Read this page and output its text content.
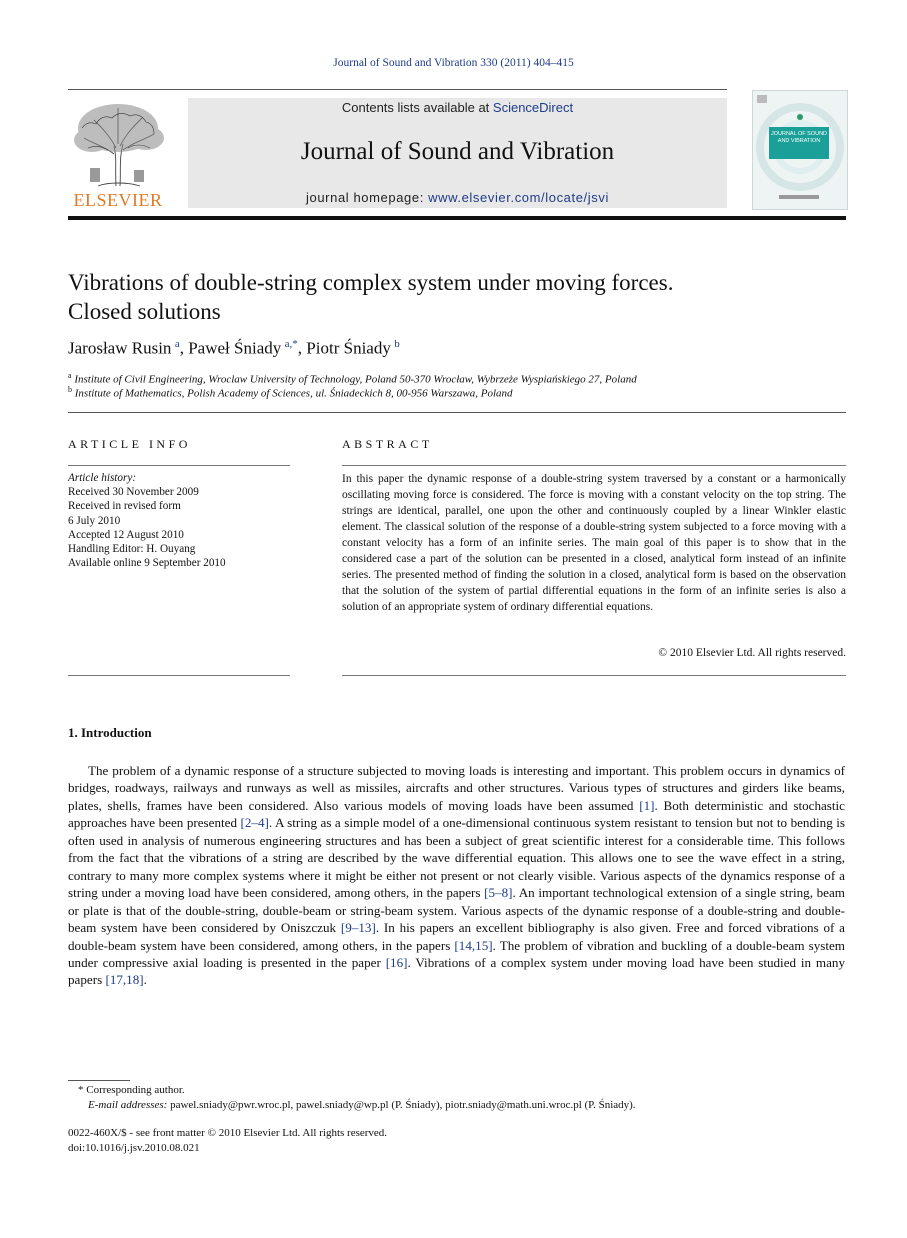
Journal of Sound and Vibration 330 (2011) 404–415
ELSEVIER
Contents lists available at ScienceDirect
Journal of Sound and Vibration
journal homepage: www.elsevier.com/locate/jsvi
JOURNAL OF SOUND AND VIBRATION
Vibrations of double-string complex system under moving forces.
Closed solutions
Jarosław Rusin  $^a$, Paweł Śniady  $^{a,*}$, Piotr Śniady  $^b$
$^a$ Institute of Civil Engineering, Wroclaw University of Technology, Poland 50-370 Wrocław, Wybrzeże Wyspiańskiego 27, Poland
$^b$ Institute of Mathematics, Polish Academy of Sciences, ul. Śniadeckich 8, 00-956 Warszawa, Poland
ARTICLE INFO
Article history:
Received 30 November 2009
Received in revised form
6 July 2010
Accepted 12 August 2010
Handling Editor: H. Ouyang
Available online 9 September 2010
ABSTRACT
In this paper the dynamic response of a double-string system traversed by a constant or a harmonically oscillating moving force is considered. The force is moving with a constant velocity on the top string. The strings are identical, parallel, one upon the other and continuously coupled by a linear Winkler elastic element. The classical solution of the response of a double-string system subjected to a force moving with a constant velocity has a form of an infinite series. The main goal of this paper is to show that in the considered case a part of the solution can be presented in a closed, analytical form instead of an infinite series. The presented method of finding the solution in a closed, analytical form is based on the observation that the solution of the system of partial differential equations in the form of an infinite series is also a solution of an appropriate system of ordinary differential equations.
© 2010 Elsevier Ltd. All rights reserved.
1. Introduction
The problem of a dynamic response of a structure subjected to moving loads is interesting and important. This problem occurs in dynamics of bridges, roadways, railways and runways as well as missiles, aircrafts and other structures. Various types of structures and girders like beams, plates, shells, frames have been considered. Also various models of moving loads have been assumed [1]. Both deterministic and stochastic approaches have been presented [2–4]. A string as a simple model of a one-dimensional continuous system resistant to tension but not to bending is often used in analysis of numerous engineering structures and has been a subject of great scientific interest for a considerable time. This follows from the fact that the vibrations of a string are described by the wave differential equation. This allows one to see the wave effect in a string, contrary to many more complex systems where it might be either not present or not clearly visible. Various aspects of the dynamics response of a string under a moving load have been considered, among others, in the papers [5–8]. An important technological extension of a single string, beam or plate is that of the double-string, double-beam or string-beam system. Various aspects of the dynamic response of a double-string and double-beam system have been considered by Oniszczuk [9–13]. In his papers an excellent bibliography is also given. Free and forced vibrations of a double-beam system have been considered, among others, in the papers [14,15]. The problem of vibration and buckling of a double-beam system under compressive axial loading is presented in the paper [16]. Vibrations of a complex system under moving load have been studied in many papers [17,18].
* Corresponding author.
E-mail addresses: pawel.sniady@pwr.wroc.pl, pawel.sniady@wp.pl (P. Śniady), piotr.sniady@math.uni.wroc.pl (P. Śniady).
0022-460X/$ - see front matter © 2010 Elsevier Ltd. All rights reserved.
doi:10.1016/j.jsv.2010.08.021
